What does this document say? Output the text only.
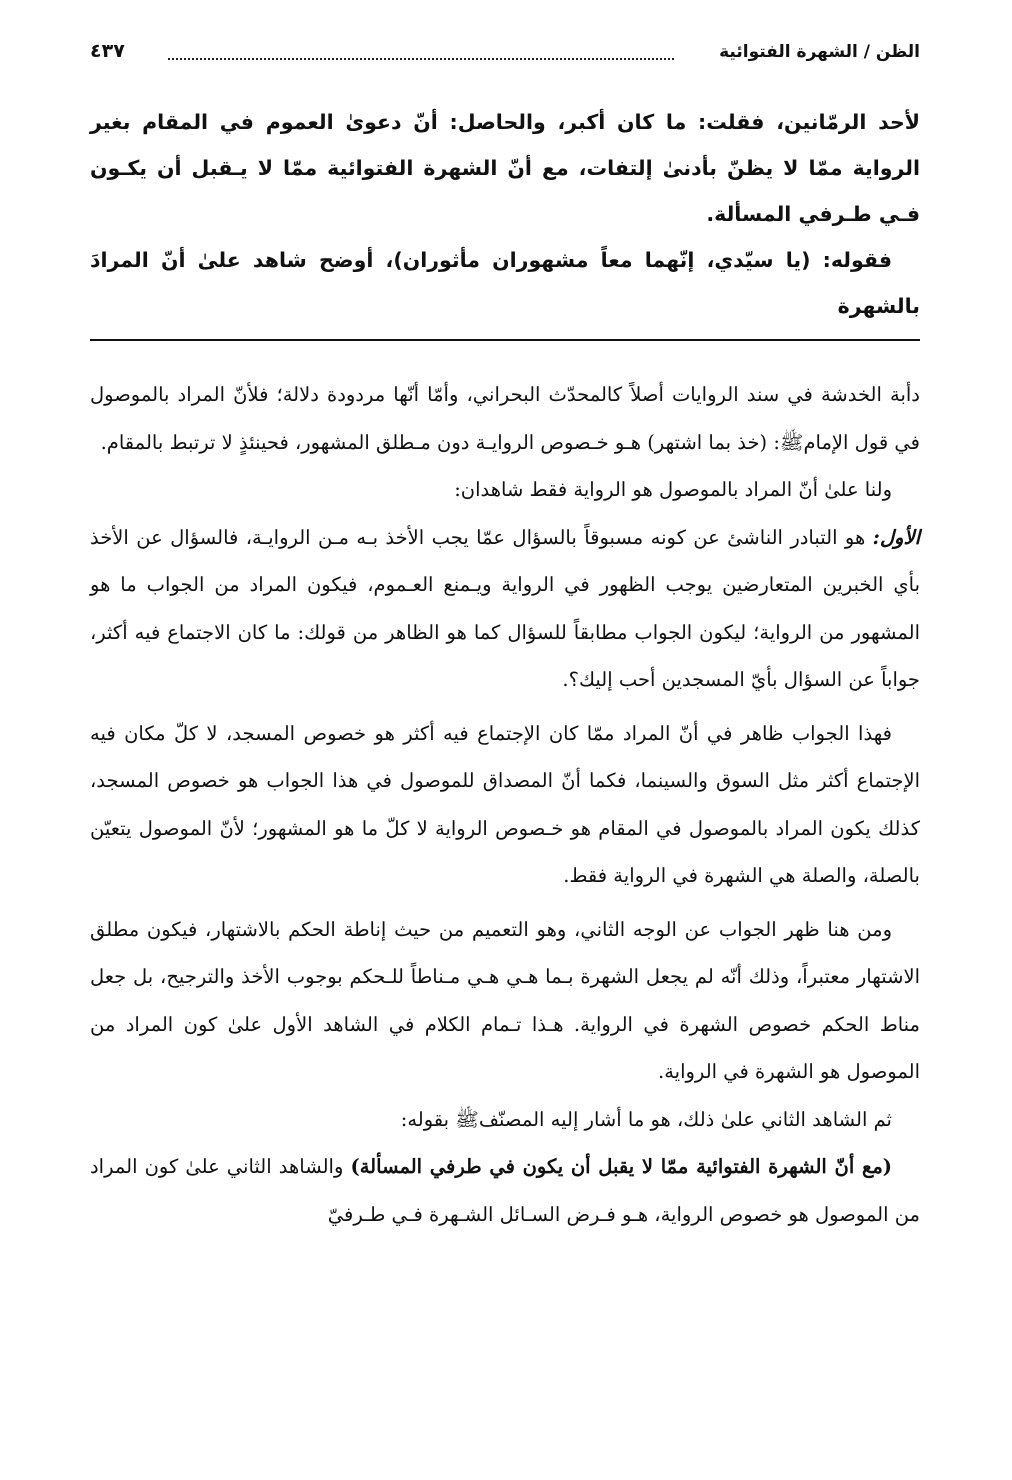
الظن / الشهرة الفتوائية
٤٣٧

لأحد الرمّانين، فقلت: ما كان أكبر، والحاصل: أنّ دعوىٰ العموم في المقام بغير الرواية ممّا لا يظنّ بأدنىٰ إلتفات، مع أنّ الشهرة الفتوائية ممّا لا يـقبل أن يكـون فـي طـرفي المسألة.

فقوله: (يا سيّدي، إنّهما معاً مشهوران مأثوران)، أوضح شاهد علىٰ أنّ المرادَ بالشهرة

دأبة الخدشة في سند الروايات أصلاً كالمحدّث البحراني، وأمّا أنّها مردودة دلالة؛ فلأنّ المراد بالموصول في قول الإمامﷺ: (خذ بما اشتهر) هـو خـصوص الروايـة دون مـطلق المشهور، فحينئذٍ لا ترتبط بالمقام.

ولنا علىٰ أنّ المراد بالموصول هو الرواية فقط شاهدان:

الأول: هو التبادر الناشئ عن كونه مسبوقاً بالسؤال عمّا يجب الأخذ بـه مـن الروايـة، فالسؤال عن الأخذ بأي الخبرين المتعارضين يوجب الظهور في الرواية ويـمنع العـموم، فيكون المراد من الجواب ما هو المشهور من الرواية؛ ليكون الجواب مطابقاً للسؤال كما هو الظاهر من قولك: ما كان الاجتماع فيه أكثر، جواباً عن السؤال بأيّ المسجدين أحب إليك؟.

فهذا الجواب ظاهر في أنّ المراد ممّا كان الإجتماع فيه أكثر هو خصوص المسجد، لا كلّ مكان فيه الإجتماع أكثر مثل السوق والسينما، فكما أنّ المصداق للموصول في هذا الجواب هو خصوص المسجد، كذلك يكون المراد بالموصول في المقام هو خـصوص الرواية لا كلّ ما هو المشهور؛ لأنّ الموصول يتعيّن بالصلة، والصلة هي الشهرة في الرواية فقط.

ومن هنا ظهر الجواب عن الوجه الثاني، وهو التعميم من حيث إناطة الحكم بالاشتهار، فيكون مطلق الاشتهار معتبراً، وذلك أنّه لم يجعل الشهرة بـما هـي هـي مـناطاً للـحكم بوجوب الأخذ والترجيح، بل جعل مناط الحكم خصوص الشهرة في الرواية. هـذا تـمام الكلام في الشاهد الأول علىٰ كون المراد من الموصول هو الشهرة في الرواية.

ثم الشاهد الثاني علىٰ ذلك، هو ما أشار إليه المصنّفﷺ بقوله:

(مع أنّ الشهرة الفتوائية ممّا لا يقبل أن يكون في طرفي المسألة) والشاهد الثاني علىٰ كون المراد من الموصول هو خصوص الرواية، هـو فـرض السـائل الشـهرة فـي طـرفيّ
